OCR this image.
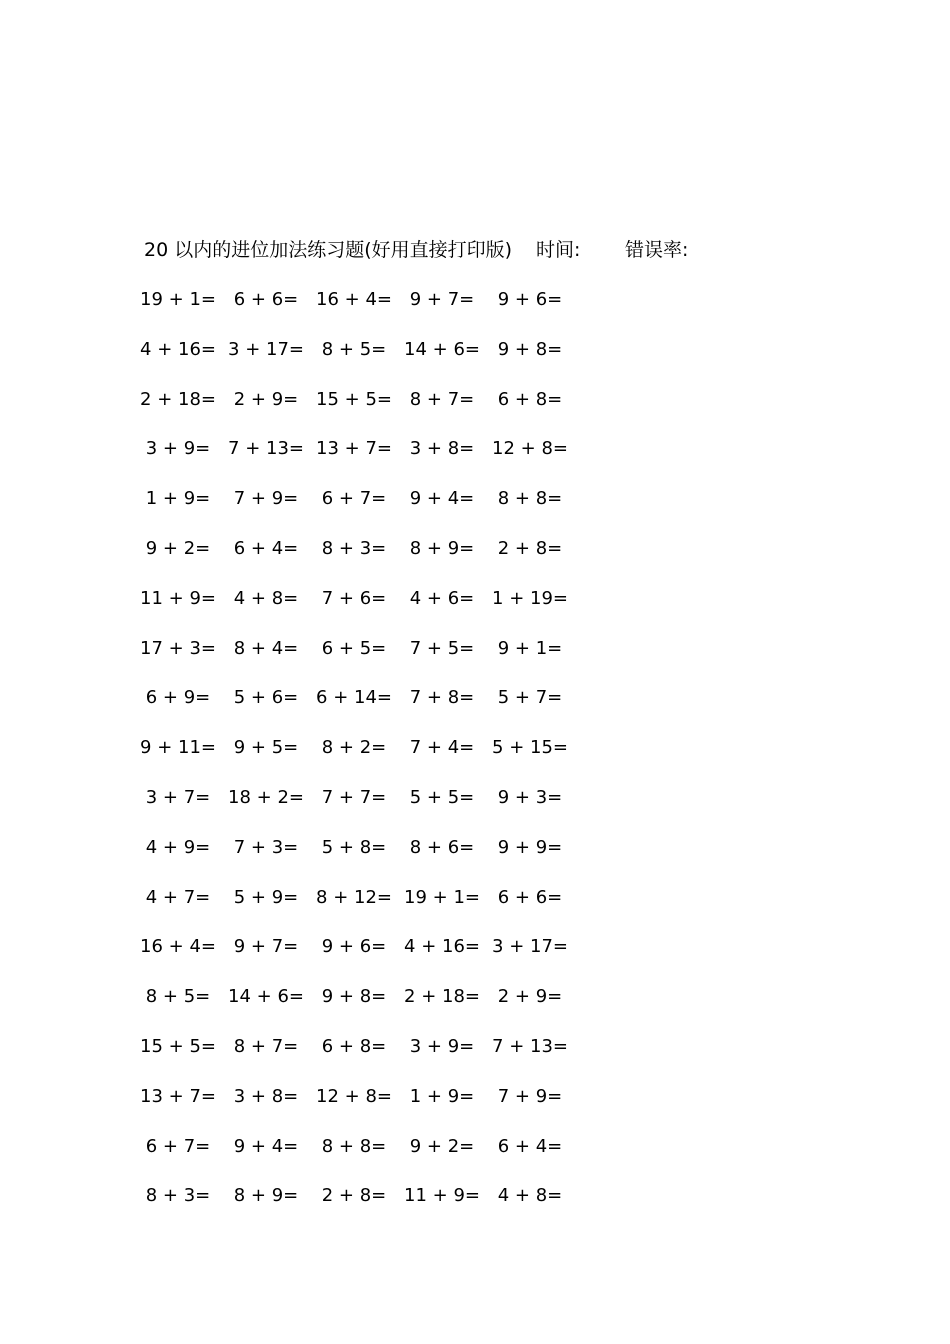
20 以内的进位加法练习题(好用直接打印版) 时间: 错误率:
19 + 1= 6 + 6= 16 + 4= 9 + 7=	9 + 6=
4 + 16= 3 + 17= 8 + 5= 14 + 6= 9 + 8=
2 + 18= 2 + 9= 15 + 5= 8 + 7=	6 + 8=
3 + 9= 7 + 13= 13 + 7= 3 + 8= 12 + 8=
1 + 9=	7 + 9=	6 + 7=	9 + 4=	8 + 8=
9 + 2=	6 + 4=	8 + 3=	8 + 9=	2 + 8=
11 + 9= 4 + 8=	7 + 6=	4 + 6= 1 + 19=
17 + 3= 8 + 4=	6 + 5=	7 + 5=	9 + 1=
6 + 9=	5 + 6= 6 + 14= 7 + 8=	5 + 7=
9 + 11= 9 + 5=	8 + 2=	7 + 4= 5 + 15=
3 + 7= 18 + 2= 7 + 7=	5 + 5=	9 + 3=
4 + 9=	7 + 3=	5 + 8=	8 + 6=	9 + 9=
4 + 7=	5 + 9= 8 + 12= 19 + 1= 6 + 6=
16 + 4= 9 + 7=	9 + 6= 4 + 16= 3 + 17=
8 + 5= 14 + 6= 9 + 8= 2 + 18= 2 + 9=
15 + 5= 8 + 7=	6 + 8=	3 + 9= 7 + 13=
13 + 7= 3 + 8= 12 + 8= 1 + 9=	7 + 9=
6 + 7=	9 + 4=	8 + 8=	9 + 2=	6 + 4=
8 + 3=	8 + 9=	2 + 8= 11 + 9= 4 + 8=
